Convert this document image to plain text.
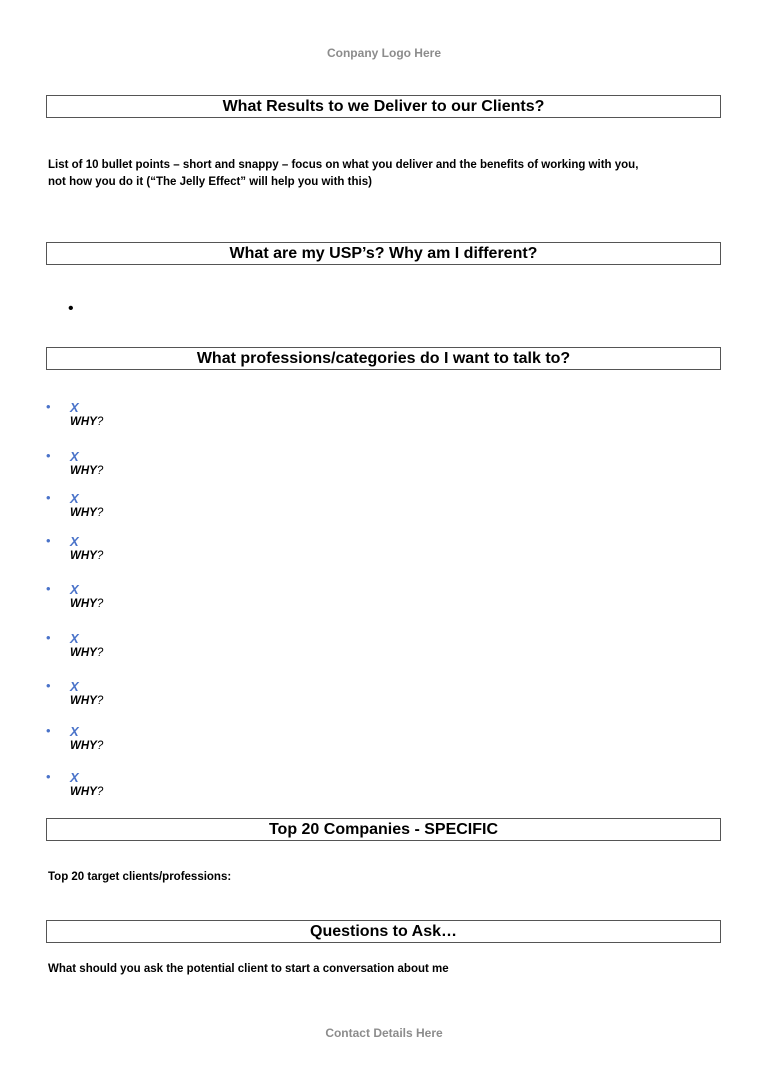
Conpany Logo Here
What Results to we Deliver to our Clients?
List of 10 bullet points – short and snappy – focus on what you deliver and the benefits of working with you,
not how you do it (“The Jelly Effect” will help you with this)
What are my USP’s? Why am I different?
•
What professions/categories do I want to talk to?
• X
WHY?
• X
WHY?
• X
WHY?
• X
WHY?
• X
WHY?
• X
WHY?
• X
WHY?
• X
WHY?
• X
WHY?
Top 20 Companies - SPECIFIC
Top 20 target clients/professions:
Questions to Ask…
What should you ask the potential client to start a conversation about me
Contact Details Here
